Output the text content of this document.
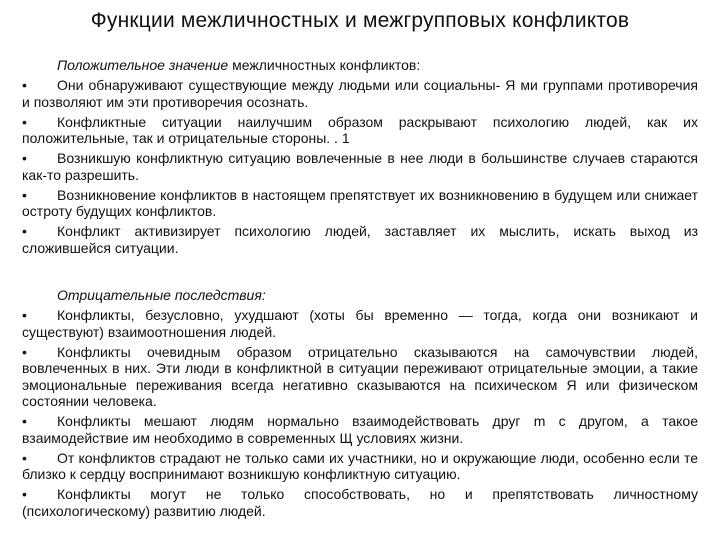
Функции межличностных и межгрупповых конфликтов
Положительное значение межличностных конфликтов:
• Они обнаруживают существующие между людьми или социальны- Я ми группами противоречия и позволяют им эти противоречия осознать.
• Конфликтные ситуации наилучшим образом раскрывают психологию людей, как их положительные, так и отрицательные стороны. . 1
• Возникшую конфликтную ситуацию вовлеченные в нее люди в большинстве случаев стараются как-то разрешить.
• Возникновение конфликтов в настоящем препятствует их возникновению в будущем или снижает остроту будущих конфликтов.
• Конфликт активизирует психологию людей, заставляет их мыслить, искать выход из сложившейся ситуации.
Отрицательные последствия:
• Конфликты, безусловно, ухудшают (хоты бы временно — тогда, когда они возникают и существуют) взаимоотношения людей.
• Конфликты очевидным образом отрицательно сказываются на самочувствии людей, вовлеченных в них. Эти люди в конфликтной в ситуации переживают отрицательные эмоции, а такие эмоциональные переживания всегда негативно сказываются на психическом Я или физическом состоянии человека.
• Конфликты мешают людям нормально взаимодействовать друг m с другом, а такое взаимодействие им необходимо в современных Щ условиях жизни.
• От конфликтов страдают не только сами их участники, но и окружающие люди, особенно если те близко к сердцу воспринимают возникшую конфликтную ситуацию.
• Конфликты могут не только способствовать, но и препятствовать личностному (психологическому) развитию людей.
